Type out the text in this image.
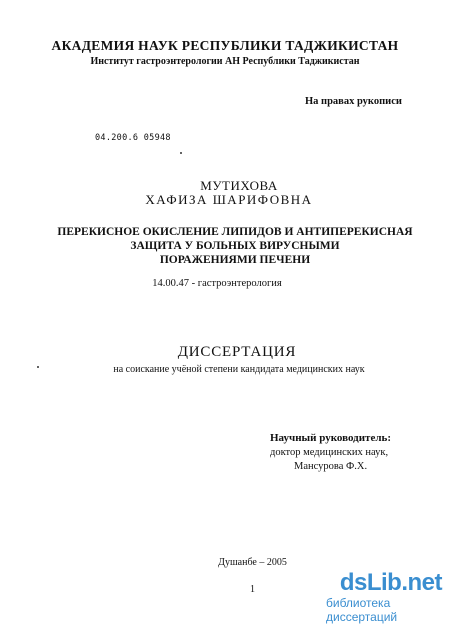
АКАДЕМИЯ НАУК РЕСПУБЛИКИ ТАДЖИКИСТАН
Институт гастроэнтерологии АН Республики Таджикистан
На правах рукописи
04.200.6 05948
МУТИХОВА
ХАФИЗА ШАРИФОВНА
ПЕРЕКИСНОЕ ОКИСЛЕНИЕ ЛИПИДОВ И АНТИПЕРЕКИСНАЯ
ЗАЩИТА У БОЛЬНЫХ ВИРУСНЫМИ
ПОРАЖЕНИЯМИ ПЕЧЕНИ
14.00.47 - гастроэнтерология
ДИССЕРТАЦИЯ
на соискание учёной степени кандидата медицинских наук
Научный руководитель:
доктор медицинских наук,
Мансурова Ф.Х.
Душанбе – 2005
1	dsLib.net
библиотека диссертаций
